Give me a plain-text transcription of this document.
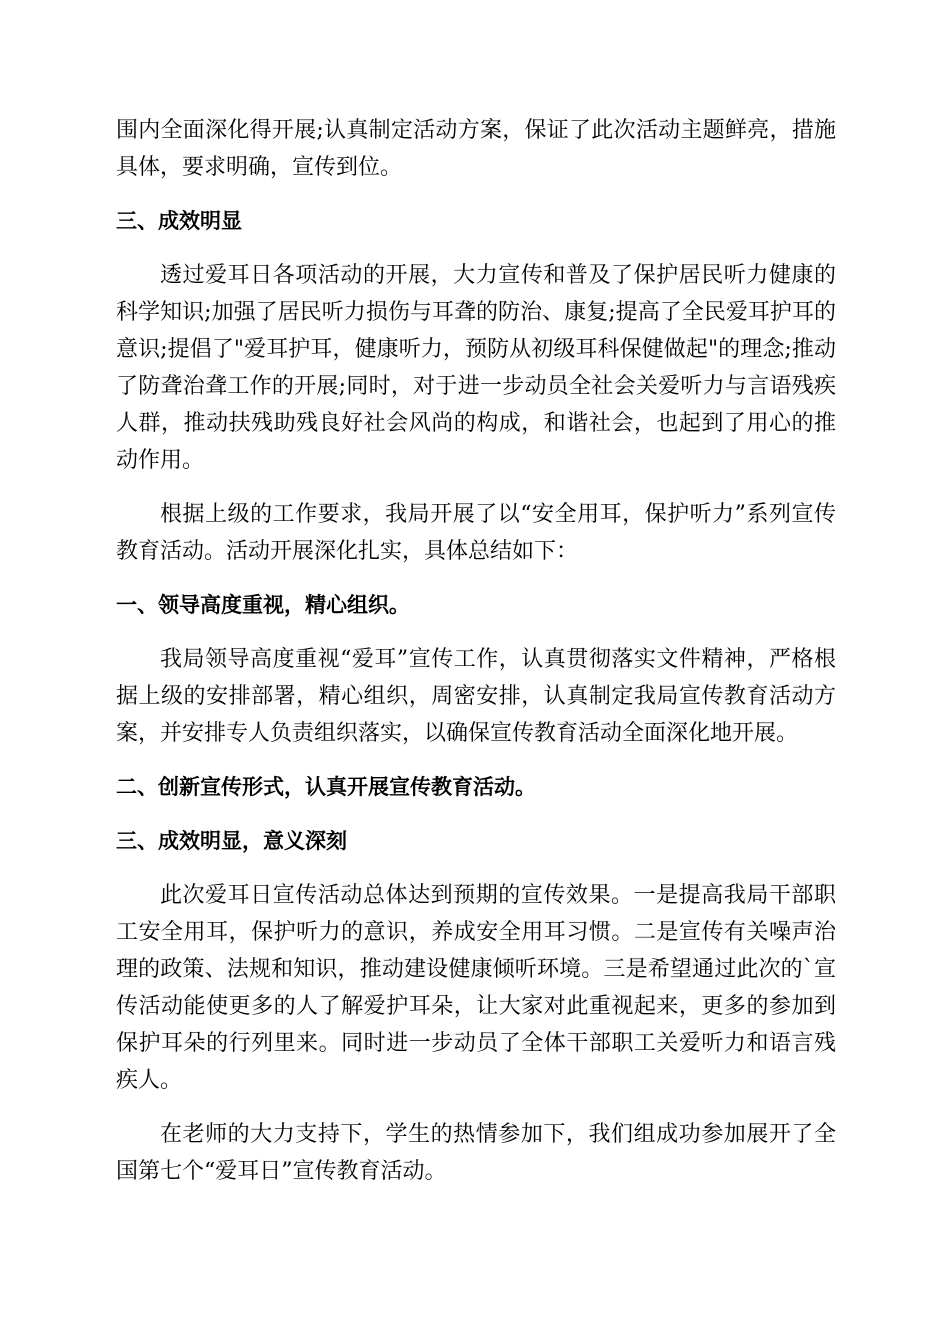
围内全面深化得开展;认真制定活动方案，保证了此次活动主题鲜亮，措施具体，要求明确，宣传到位。

三、成效明显

透过爱耳日各项活动的开展，大力宣传和普及了保护居民听力健康的科学知识;加强了居民听力损伤与耳聋的防治、康复;提高了全民爱耳护耳的意识;提倡了"爱耳护耳，健康听力，预防从初级耳科保健做起"的理念;推动了防聋治聋工作的开展;同时，对于进一步动员全社会关爱听力与言语残疾人群，推动扶残助残良好社会风尚的构成，和谐社会，也起到了用心的推动作用。

根据上级的工作要求，我局开展了以“安全用耳，保护听力”系列宣传教育活动。活动开展深化扎实，具体总结如下：

一、领导高度重视，精心组织。

我局领导高度重视“爱耳”宣传工作，认真贯彻落实文件精神，严格根据上级的安排部署，精心组织，周密安排，认真制定我局宣传教育活动方案，并安排专人负责组织落实，以确保宣传教育活动全面深化地开展。

二、创新宣传形式，认真开展宣传教育活动。
三、成效明显，意义深刻

此次爱耳日宣传活动总体达到预期的宣传效果。一是提高我局干部职工安全用耳，保护听力的意识，养成安全用耳习惯。二是宣传有关噪声治理的政策、法规和知识，推动建设健康倾听环境。三是希望通过此次的`宣传活动能使更多的人了解爱护耳朵，让大家对此重视起来，更多的参加到保护耳朵的行列里来。同时进一步动员了全体干部职工关爱听力和语言残疾人。

在老师的大力支持下，学生的热情参加下，我们组成功参加展开了全国第七个“爱耳日”宣传教育活动。
